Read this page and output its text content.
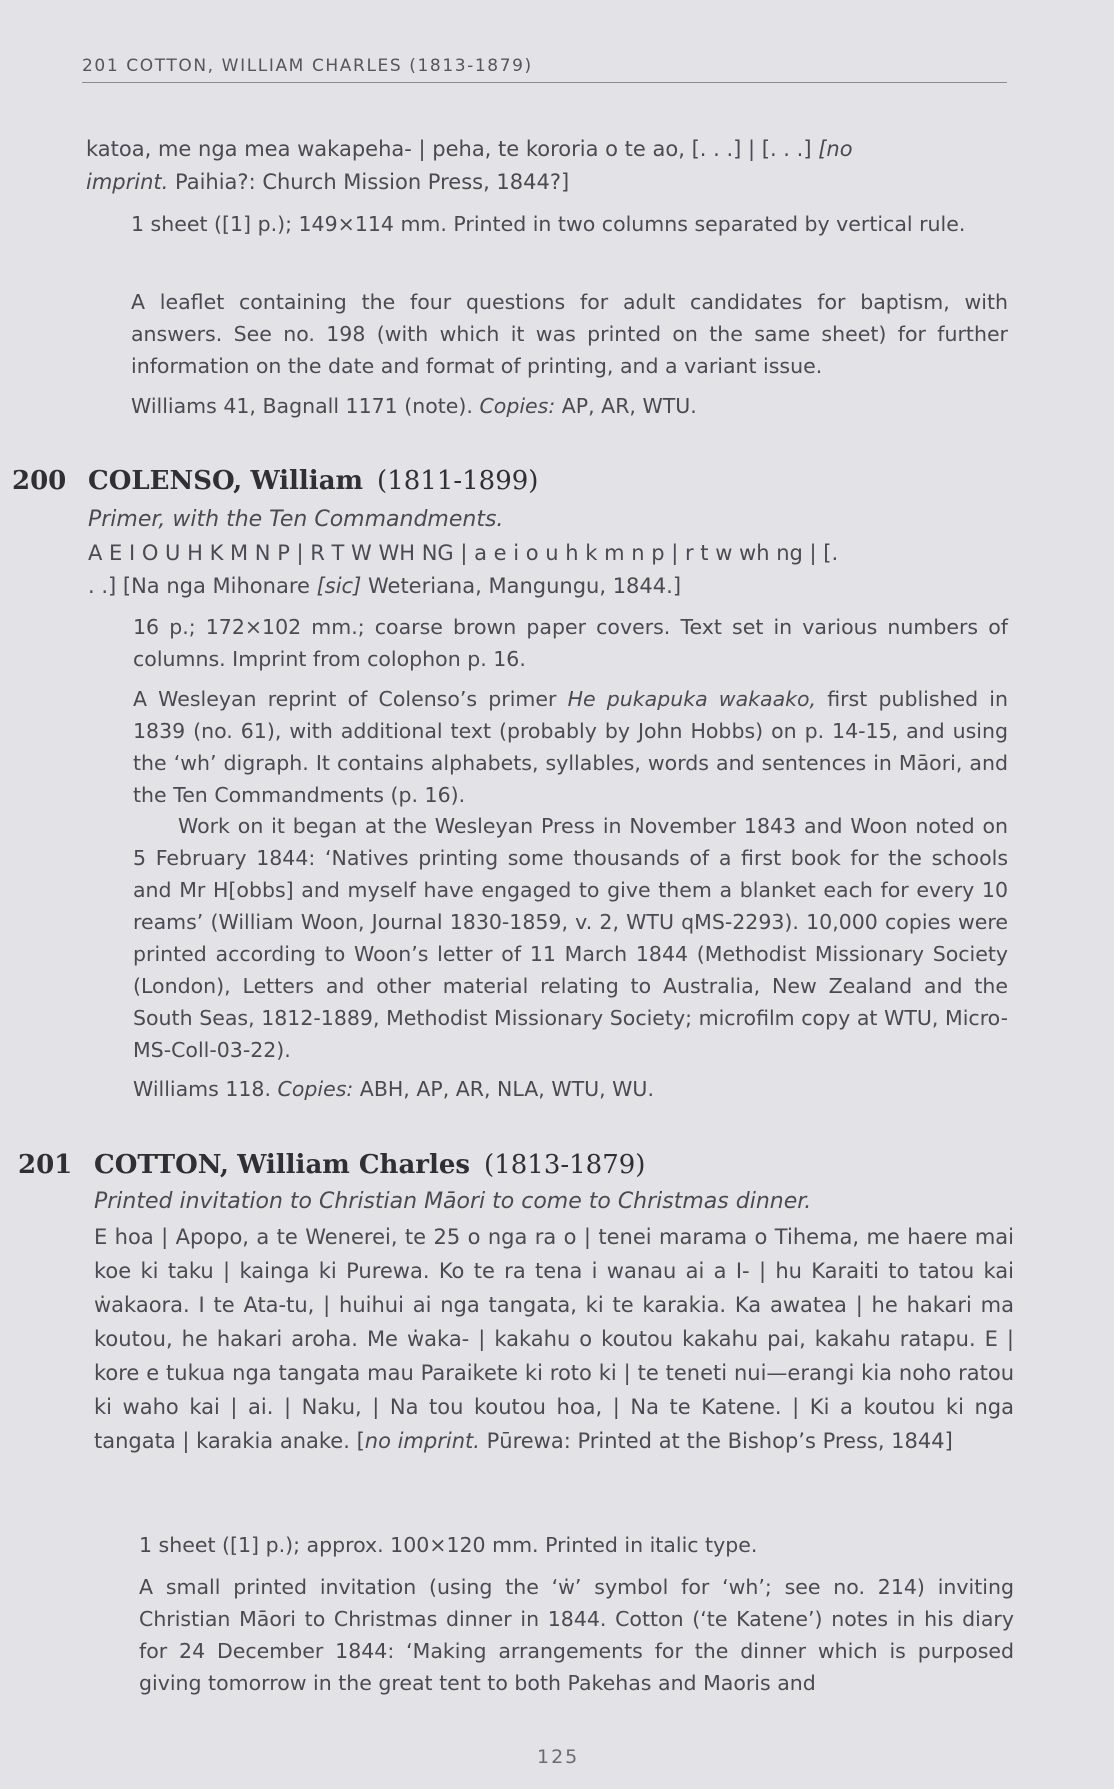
201 COTTON, WILLIAM CHARLES (1813-1879)

katoa, me nga mea wakapeha- | peha, te kororia o te ao, [. . .] | [. . .] [no
imprint. Paihia?: Church Mission Press, 1844?]

1 sheet ([1] p.); 149×114 mm. Printed in two columns separated by vertical rule.

A leaflet containing the four questions for adult candidates for baptism, with answers. See no. 198 (with which it was printed on the same sheet) for further information on the date and format of printing, and a variant issue.

Williams 41, Bagnall 1171 (note). Copies: AP, AR, WTU.

200 COLENSO, William (1811-1899)
Primer, with the Ten Commandments.

A E I O U H K M N P | R T W WH NG | a e i o u h k m n p | r t w wh ng | [.
. .] [Na nga Mihonare [sic] Weteriana, Mangungu, 1844.]

16 p.; 172×102 mm.; coarse brown paper covers. Text set in various numbers of columns. Imprint from colophon p. 16.

A Wesleyan reprint of Colenso’s primer He pukapuka wakaako, first published in 1839 (no. 61), with additional text (probably by John Hobbs) on p. 14-15, and using the ‘wh’ digraph. It contains alphabets, syllables, words and sentences in Māori, and the Ten Commandments (p. 16).

Work on it began at the Wesleyan Press in November 1843 and Woon noted on 5 February 1844: ‘Natives printing some thousands of a first book for the schools and Mr H[obbs] and myself have engaged to give them a blanket each for every 10 reams’ (William Woon, Journal 1830-1859, v. 2, WTU qMS-2293). 10,000 copies were printed according to Woon’s letter of 11 March 1844 (Methodist Missionary Society (London), Letters and other material relating to Australia, New Zealand and the South Seas, 1812-1889, Methodist Missionary Society; microfilm copy at WTU, Micro-MS-Coll-03-22).

Williams 118. Copies: ABH, AP, AR, NLA, WTU, WU.

201 COTTON, William Charles (1813-1879)
Printed invitation to Christian Māori to come to Christmas dinner.

E hoa | Apopo, a te Wenerei, te 25 o nga ra o | tenei marama o Tihema, me haere mai koe ki taku | kainga ki Purewa. Ko te ra tena i wanau ai a I- | hu Karaiti to tatou kai ẇakaora. I te Ata-tu, | huihui ai nga tangata, ki te karakia. Ka awatea | he hakari ma koutou, he hakari aroha. Me ẇaka- | kakahu o koutou kakahu pai, kakahu ratapu. E | kore e tukua nga tangata mau Paraikete ki roto ki | te teneti nui—erangi kia noho ratou ki waho kai | ai. | Naku, | Na tou koutou hoa, | Na te Katene. | Ki a koutou ki nga tangata | karakia anake. [no imprint. Pūrewa: Printed at the Bishop’s Press, 1844]

1 sheet ([1] p.); approx. 100×120 mm. Printed in italic type.

A small printed invitation (using the ‘ẇ’ symbol for ‘wh’; see no. 214) inviting Christian Māori to Christmas dinner in 1844. Cotton (‘te Katene’) notes in his diary for 24 December 1844: ‘Making arrangements for the dinner which is purposed giving tomorrow in the great tent to both Pakehas and Maoris and

125
